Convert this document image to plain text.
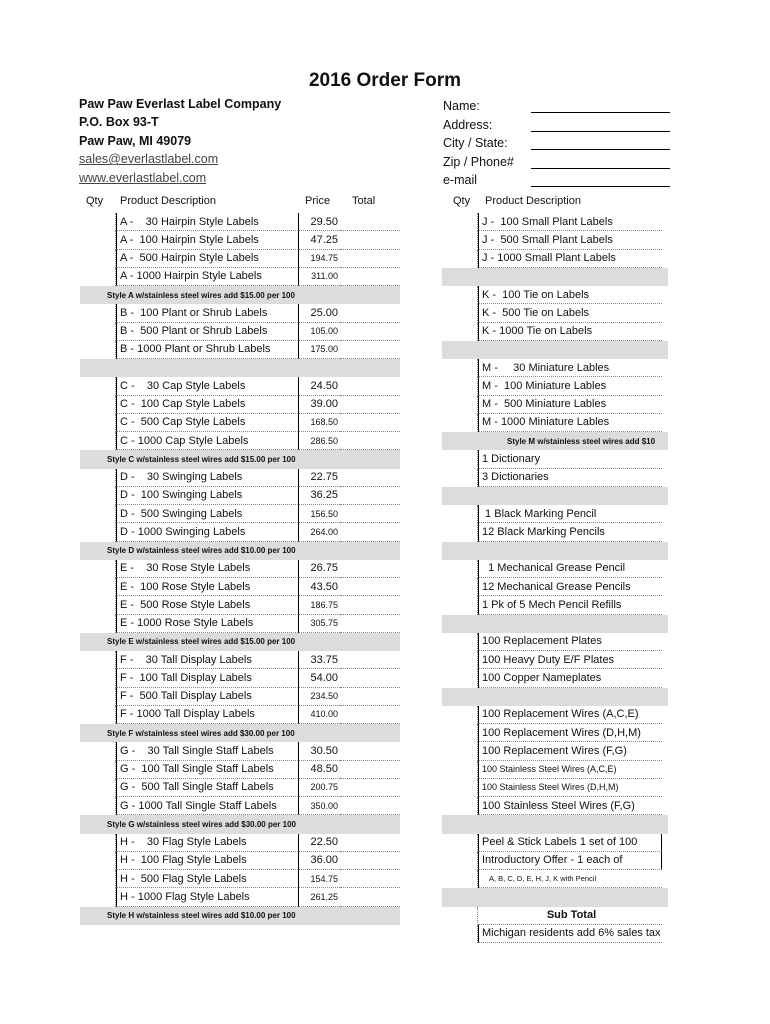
2016 Order Form
Paw Paw Everlast Label Company
P.O. Box 93-T
Paw Paw, MI 49079
sales@everlastlabel.com
www.everlastlabel.com
Name:
Address:
City / State:
Zip / Phone#
e-mail
Qty Product Description	Price Total	Qty Product Description
A -    30 Hairpin Style Labels	29.50
A -  100 Hairpin Style Labels	47.25
A -  500 Hairpin Style Labels	194.75
A - 1000 Hairpin Style Labels	311.00
Style A w/stainless steel wires add $15.00 per 100
B -  100 Plant or Shrub Labels	25.00
B -  500 Plant or Shrub Labels	105.00
B - 1000 Plant or Shrub Labels	175.00
C -    30 Cap Style Labels	24.50
C -  100 Cap Style Labels	39.00
C -  500 Cap Style Labels	168.50
C - 1000 Cap Style Labels	286.50
Style C w/stainless steel wires add $15.00 per 100
D -    30 Swinging Labels	22.75
D -  100 Swinging Labels	36.25
D -  500 Swinging Labels	156.50
D - 1000 Swinging Labels	264.00
Style D w/stainless steel wires add $10.00 per 100
E -    30 Rose Style Labels	26.75
E -  100 Rose Style Labels	43.50
E -  500 Rose Style Labels	186.75
E - 1000 Rose Style Labels	305.75
Style E w/stainless steel wires add $15.00 per 100
F -    30 Tall Display Labels	33.75
F -  100 Tall Display Labels	54.00
F -  500 Tall Display Labels	234.50
F - 1000 Tall Display Labels	410.00
Style F w/stainless steel wires add $30.00 per 100
G -    30 Tall Single Staff Labels	30.50
G -  100 Tall Single Staff Labels	48.50
G -  500 Tall Single Staff Labels	200.75
G - 1000 Tall Single Staff Labels	350.00
Style G w/stainless steel wires add $30.00 per 100
H -    30 Flag Style Labels	22.50
H -  100 Flag Style Labels	36.00
H -  500 Flag Style Labels	154.75
H - 1000 Flag Style Labels	261.25
Style H w/stainless steel wires add $10.00 per 100
J -  100 Small Plant Labels
J -  500 Small Plant Labels
J - 1000 Small Plant Labels
K -  100 Tie on Labels
K -  500 Tie on Labels
K - 1000 Tie on Labels
M -     30 Miniature Lables
M -  100 Miniature Lables
M -  500 Miniature Lables
M - 1000 Miniature Lables
Style M w/stainless steel wires add $10
1 Dictionary
3 Dictionaries
1 Black Marking Pencil
12 Black Marking Pencils
1 Mechanical Grease Pencil
12 Mechanical Grease Pencils
1 Pk of 5 Mech Pencil Refills
100 Replacement Plates
100 Heavy Duty E/F Plates
100 Copper Nameplates
100 Replacement Wires (A,C,E)
100 Replacement Wires (D,H,M)
100 Replacement Wires (F,G)
100 Stainless Steel Wires (A,C,E)
100 Stainless Steel Wires (D,H,M)
100 Stainless Steel Wires (F,G)
Peel & Stick Labels 1 set of 100
Introductory Offer - 1 each of
A, B, C, D, E, H, J, K with Pencil
Sub Total
Michigan residents add 6% sales tax
